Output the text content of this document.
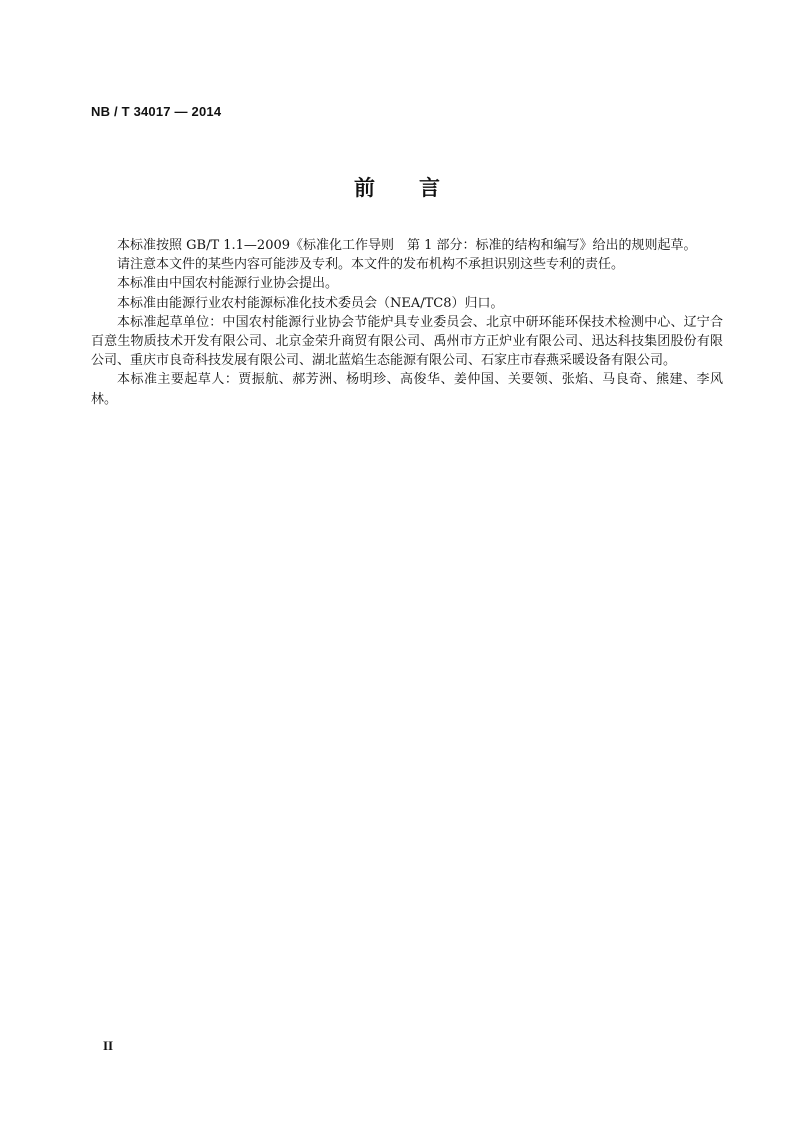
NB / T 34017 — 2014
前 言

本标准按照 GB/T 1.1—2009《标准化工作导则　第 1 部分：标准的结构和编写》给出的规则起草。

请注意本文件的某些内容可能涉及专利。本文件的发布机构不承担识别这些专利的责任。

本标准由中国农村能源行业协会提出。

本标准由能源行业农村能源标准化技术委员会（NEA/TC8）归口。

本标准起草单位：中国农村能源行业协会节能炉具专业委员会、北京中研环能环保技术检测中心、辽宁合百意生物质技术开发有限公司、北京金荣升商贸有限公司、禹州市方正炉业有限公司、迅达科技集团股份有限公司、重庆市良奇科技发展有限公司、湖北蓝焰生态能源有限公司、石家庄市春燕采暖设备有限公司。

本标准主要起草人：贾振航、郝芳洲、杨明珍、高俊华、姜仲国、关要领、张焰、马良奇、熊建、李风林。

II
